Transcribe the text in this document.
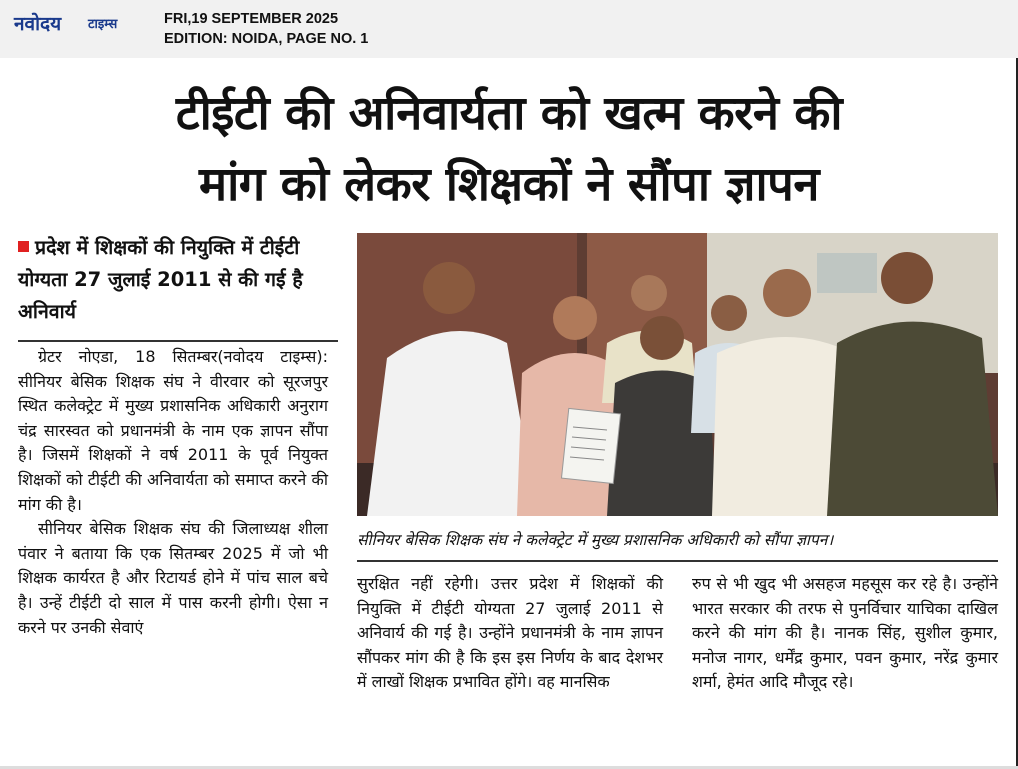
नवोदय टाइम्स	FRI,19 SEPTEMBER 2025
EDITION: NOIDA, PAGE NO. 1
टीईटी की अनिवार्यता को खत्म करने की
मांग को लेकर शिक्षकों ने सौंपा ज्ञापन
प्रदेश में शिक्षकों की नियुक्ति में टीईटी योग्यता 27 जुलाई 2011 से की गई है अनिवार्य

ग्रेटर नोएडा, 18 सितम्बर(नवोदय टाइम्स): सीनियर बेसिक शिक्षक संघ ने वीरवार को सूरजपुर स्थित कलेक्ट्रेट में मुख्य प्रशासनिक अधिकारी अनुराग चंद्र सारस्वत को प्रधानमंत्री के नाम एक ज्ञापन सौंपा है। जिसमें शिक्षकों ने वर्ष 2011 के पूर्व नियुक्त शिक्षकों को टीईटी की अनिवार्यता को समाप्त करने की मांग की है।

सीनियर बेसिक शिक्षक संघ की जिलाध्यक्ष शीला पंवार ने बताया कि एक सितम्बर 2025 में जो भी शिक्षक कार्यरत है और रिटायर्ड होने में पांच साल बचे है। उन्हें टीईटी दो साल में पास करनी होगी। ऐसा न करने पर उनकी सेवाएं

सीनियर बेसिक शिक्षक संघ ने कलेक्ट्रेट में मुख्य प्रशासनिक अधिकारी को सौंपा ज्ञापन।

सुरक्षित नहीं रहेगी। उत्तर प्रदेश में शिक्षकों की नियुक्ति में टीईटी योग्यता 27 जुलाई 2011 से अनिवार्य की गई है। उन्होंने प्रधानमंत्री के नाम ज्ञापन सौंपकर मांग की है कि इस इस निर्णय के बाद देशभर में लाखों शिक्षक प्रभावित होंगे। वह मानसिक

रुप से भी खुद भी असहज महसूस कर रहे है। उन्होंने भारत सरकार की तरफ से पुनर्विचार याचिका दाखिल करने की मांग की है। नानक सिंह, सुशील कुमार, मनोज नागर, धर्मेंद्र कुमार, पवन कुमार, नरेंद्र कुमार शर्मा, हेमंत आदि मौजूद रहे।
